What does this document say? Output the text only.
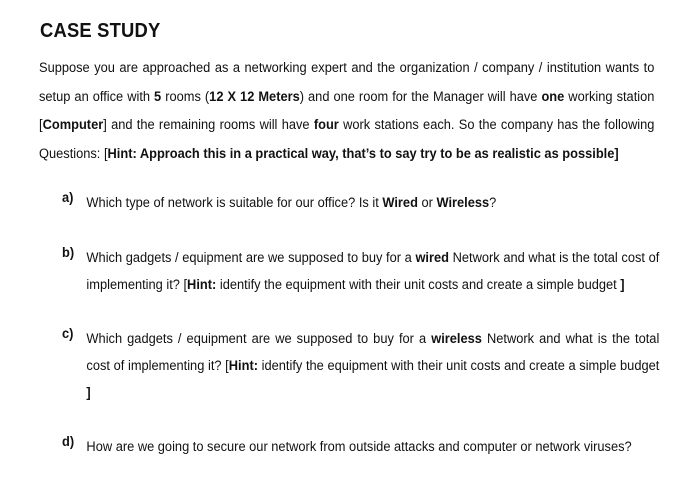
CASE STUDY
Suppose you are approached as a networking expert and the organization / company / institution wants to setup an office with 5 rooms (12 X 12 Meters) and one room for the Manager will have one working station [Computer] and the remaining rooms will have four work stations each. So the company has the following Questions: [Hint: Approach this in a practical way, that’s to say try to be as realistic as possible]
a) Which type of network is suitable for our office? Is it Wired or Wireless?
b) Which gadgets / equipment are we supposed to buy for a wired Network and what is the total cost of implementing it? [Hint: identify the equipment with their unit costs and create a simple budget ]
c) Which gadgets / equipment are we supposed to buy for a wireless Network and what is the total cost of implementing it? [Hint: identify the equipment with their unit costs and create a simple budget ]
d) How are we going to secure our network from outside attacks and computer or network viruses?
